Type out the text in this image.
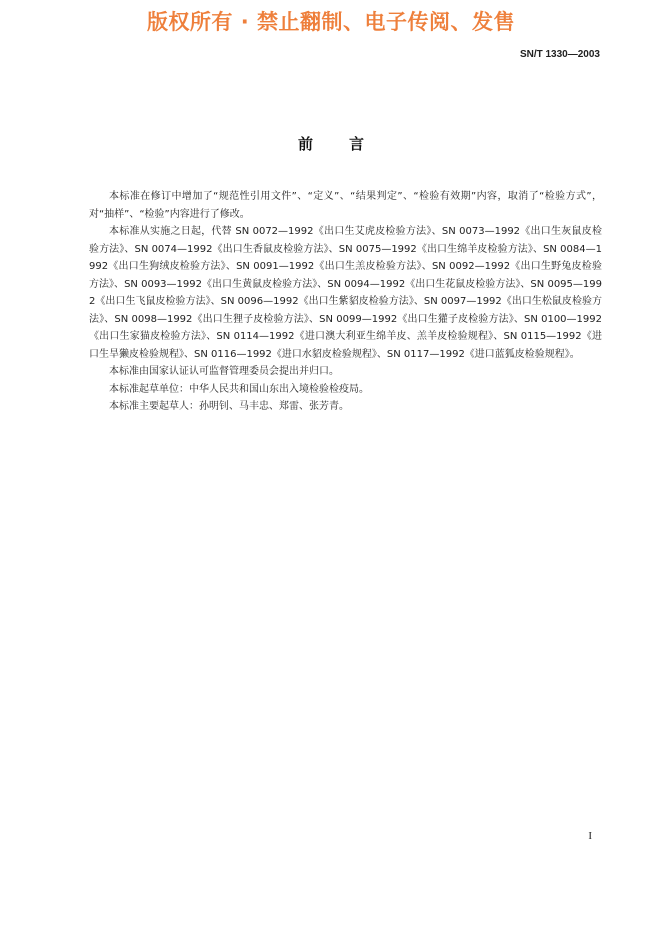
版权所有 · 禁止翻制、电子传阅、发售
SN/T 1330—2003
前言

本标准在修订中增加了“规范性引用文件”、“定义”、“结果判定”、“检验有效期”内容，取消了“检验方式”，对“抽样”、“检验”内容进行了修改。

本标准从实施之日起，代替 SN 0072—1992《出口生艾虎皮检验方法》、SN 0073—1992《出口生灰鼠皮检验方法》、SN 0074—1992《出口生香鼠皮检验方法》、SN 0075—1992《出口生绵羊皮检验方法》、SN 0084—1992《出口生狗绒皮检验方法》、SN 0091—1992《出口生羔皮检验方法》、SN 0092—1992《出口生野兔皮检验方法》、SN 0093—1992《出口生黄鼠皮检验方法》、SN 0094—1992《出口生花鼠皮检验方法》、SN 0095—1992《出口生飞鼠皮检验方法》、SN 0096—1992《出口生紫貂皮检验方法》、SN 0097—1992《出口生松鼠皮检验方法》、SN 0098—1992《出口生狸子皮检验方法》、SN 0099—1992《出口生獾子皮检验方法》、SN 0100—1992《出口生家猫皮检验方法》、SN 0114—1992《进口澳大利亚生绵羊皮、羔羊皮检验规程》、SN 0115—1992《进口生旱獭皮检验规程》、SN 0116—1992《进口水貂皮检验规程》、SN 0117—1992《进口蓝狐皮检验规程》。

本标准由国家认证认可监督管理委员会提出并归口。

本标准起草单位：中华人民共和国山东出入境检验检疫局。

本标准主要起草人：孙明钊、马丰忠、郑雷、张芳青。

I
